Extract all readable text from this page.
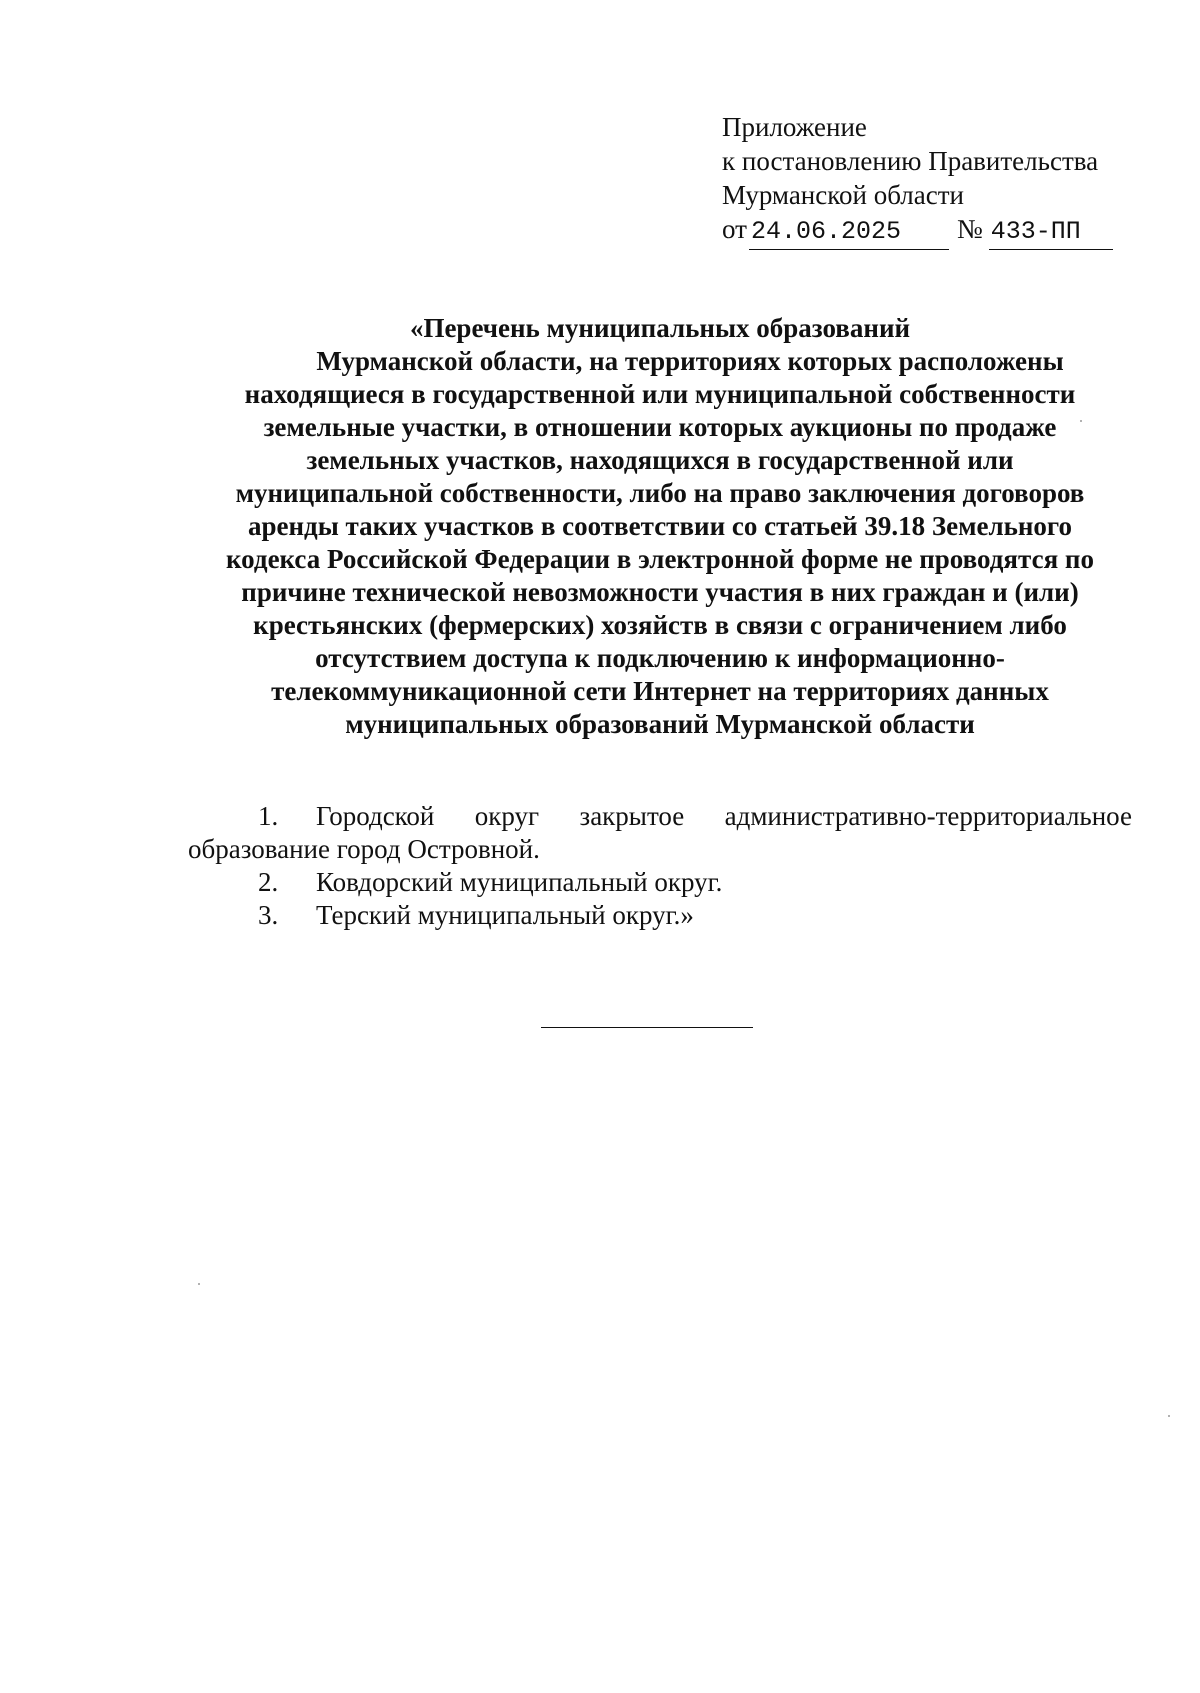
Приложение
к постановлению Правительства
Мурманской области
от 24.06.2025 № 433-ПП
«Перечень муниципальных образований
Мурманской области, на территориях которых расположены
находящиеся в государственной или муниципальной собственности
земельные участки, в отношении которых аукционы по продаже
земельных участков, находящихся в государственной или
муниципальной собственности, либо на право заключения договоров
аренды таких участков в соответствии со статьей 39.18 Земельного
кодекса Российской Федерации в электронной форме не проводятся по
причине технической невозможности участия в них граждан и (или)
крестьянских (фермерских) хозяйств в связи с ограничением либо
отсутствием доступа к подключению к информационно-
телекоммуникационной сети Интернет на территориях данных
муниципальных образований Мурманской области
1. Городской округ закрытое административно-территориальное
образование город Островной.
2. Ковдорский муниципальный округ.
3. Терский муниципальный округ.»
